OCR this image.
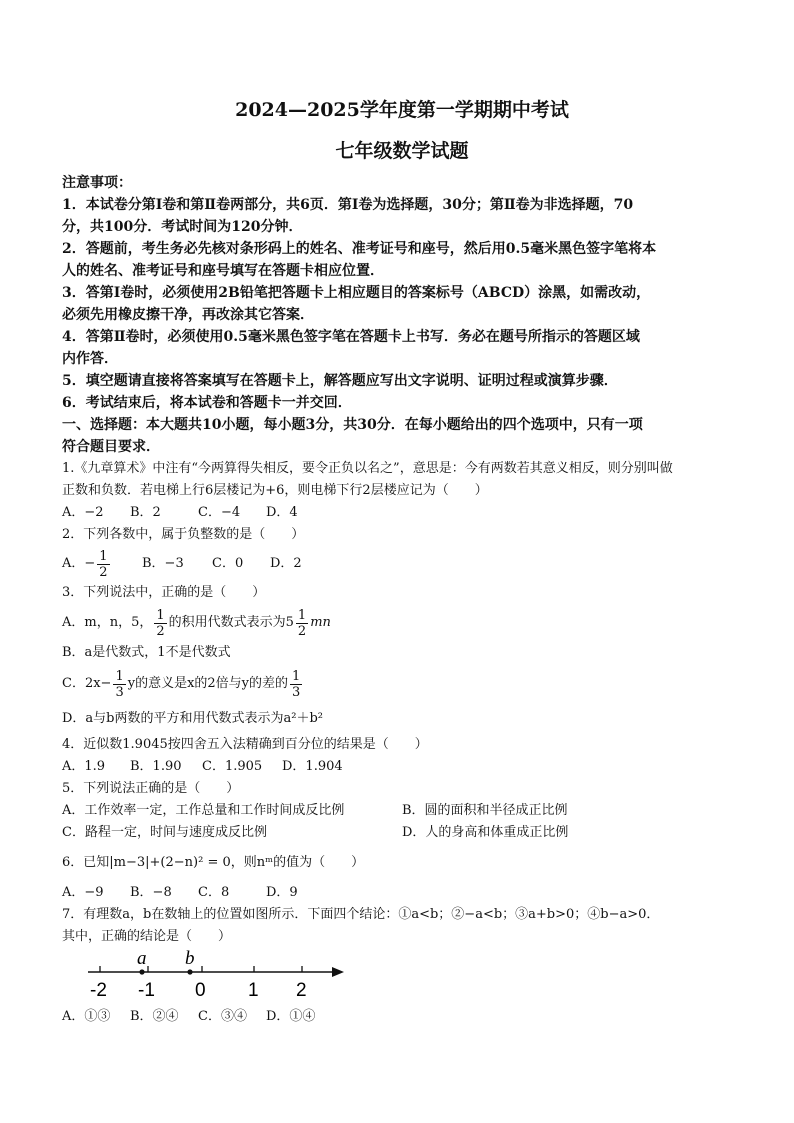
2024—2025学年度第一学期期中考试
七年级数学试题

注意事项：

1．本试卷分第Ⅰ卷和第Ⅱ卷两部分，共6页．第Ⅰ卷为选择题，30分；第Ⅱ卷为非选择题，70

分，共100分．考试时间为120分钟．

2．答题前，考生务必先核对条形码上的姓名、准考证号和座号，然后用0.5毫米黑色签字笔将本

人的姓名、准考证号和座号填写在答题卡相应位置．

3．答第Ⅰ卷时，必须使用2B铅笔把答题卡上相应题目的答案标号（ABCD）涂黑，如需改动，

必须先用橡皮擦干净，再改涂其它答案．

4．答第Ⅱ卷时，必须使用0.5毫米黑色签字笔在答题卡上书写．务必在题号所指示的答题区域

内作答．

5．填空题请直接将答案填写在答题卡上，解答题应写出文字说明、证明过程或演算步骤．

6．考试结束后，将本试卷和答题卡一并交回．

一、选择题：本大题共10小题，每小题3分，共30分．在每小题给出的四个选项中，只有一项

符合题目要求．

1.《九章算术》中注有“今两算得失相反，要令正负以名之”，意思是：今有两数若其意义相反，则分别叫做

正数和负数．若电梯上行6层楼记为+6，则电梯下行2层楼应记为（　　）

A．−2	B．2	C．−4	D．4

2．下列各数中，属于负整数的是（　　）

A． − $\frac{1}{2}$ B．−3	C．0	D．2

3．下列说法中，正确的是（　　）

A．m，n，5， 1
2
的积用代数式表示为5 1
2
mn

B．a是代数式，1不是代数式

C．$2x- \frac{1}{3}$ y的意义是x的2倍与y的差的 1
3

D．a与b两数的平方和用代数式表示为a²＋b²

4．近似数1.9045按四舍五入法精确到百分位的结果是（　　）

A．1.9	B．1.90	C．1.905	D．1.904

5．下列说法正确的是（　　）

A．工作效率一定，工作总量和工作时间成反比例	B．圆的面积和半径成正比例
C．路程一定，时间与速度成反比例	D．人的身高和体重成正比例

6．已知|m−3|+(2−n)² = 0，则nᵐ的值为（　　）

A．−9	B．−8	C．8	D．9

7．有理数a，b在数轴上的位置如图所示．下面四个结论：①a<b；②−a<b；③a+b>0；④b−a>0．

其中，正确的结论是（　　）

a b
-2 -1 0 1 2
A．①③	B．②④	C．③④	D．①④
